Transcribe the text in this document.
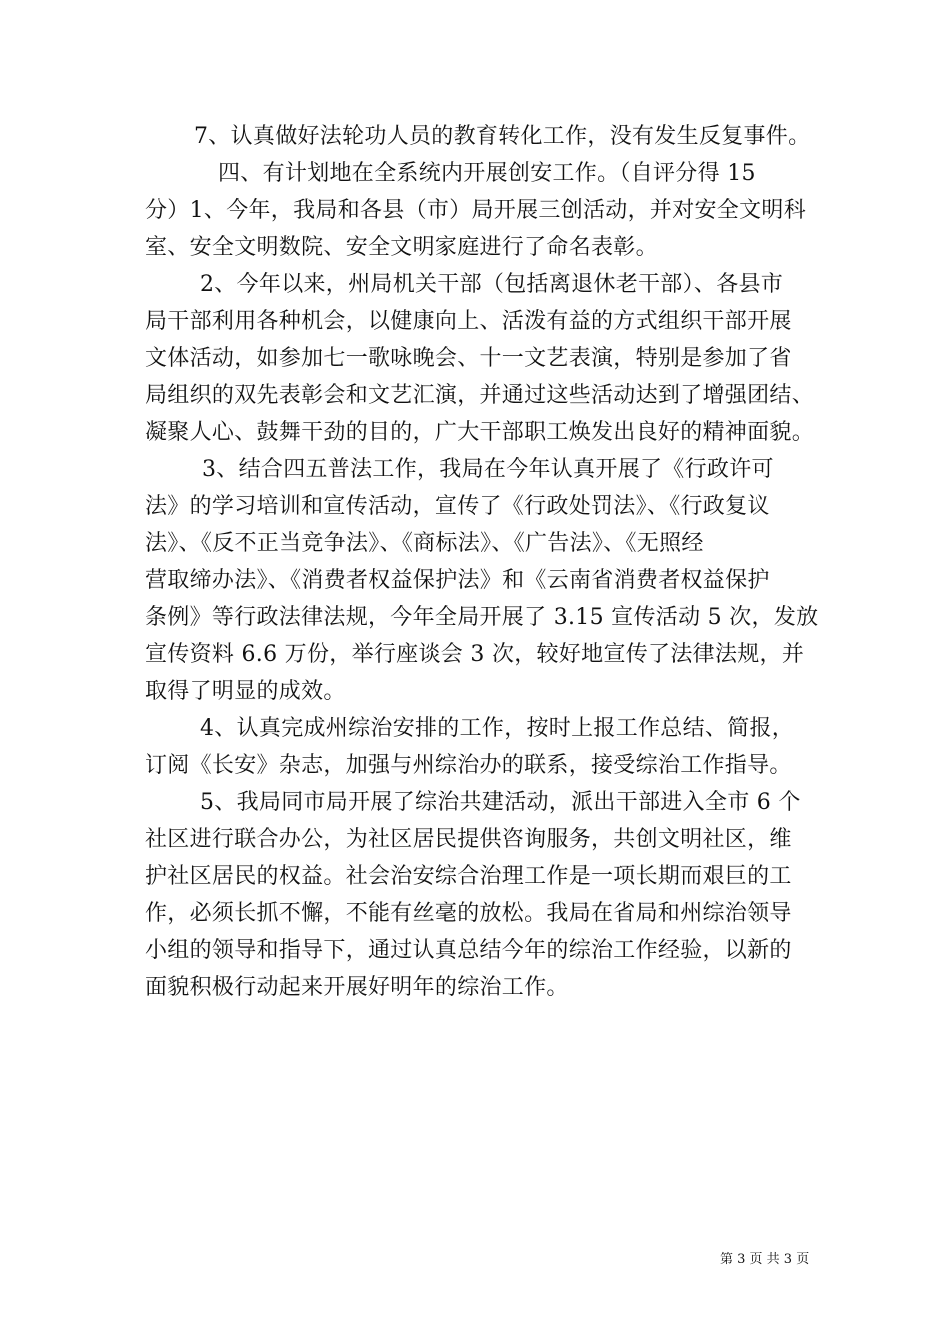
7、认真做好法轮功人员的教育转化工作，没有发生反复事件。
四、有计划地在全系统内开展创安工作。（自评分得 15
分）1、今年，我局和各县（市）局开展三创活动，并对安全文明科
室、安全文明数院、安全文明家庭进行了命名表彰。
2、今年以来，州局机关干部（包括离退休老干部）、各县市
局干部利用各种机会，以健康向上、活泼有益的方式组织干部开展
文体活动，如参加七一歌咏晚会、十一文艺表演，特别是参加了省
局组织的双先表彰会和文艺汇演，并通过这些活动达到了增强团结、
凝聚人心、鼓舞干劲的目的，广大干部职工焕发出良好的精神面貌。
3、结合四五普法工作，我局在今年认真开展了《行政许可
法》的学习培训和宣传活动，宣传了《行政处罚法》、《行政复议
法》、《反不正当竞争法》、《商标法》、《广告法》、《无照经
营取缔办法》、《消费者权益保护法》和《云南省消费者权益保护
条例》等行政法律法规，今年全局开展了 3.15 宣传活动 5 次，发放
宣传资料 6.6 万份，举行座谈会 3 次，较好地宣传了法律法规，并
取得了明显的成效。
4、认真完成州综治安排的工作，按时上报工作总结、简报，
订阅《长安》杂志，加强与州综治办的联系，接受综治工作指导。
5、我局同市局开展了综治共建活动，派出干部进入全市 6 个
社区进行联合办公，为社区居民提供咨询服务，共创文明社区，维
护社区居民的权益。社会治安综合治理工作是一项长期而艰巨的工
作，必须长抓不懈，不能有丝毫的放松。我局在省局和州综治领导
小组的领导和指导下，通过认真总结今年的综治工作经验，以新的
面貌积极行动起来开展好明年的综治工作。
第 3 页 共 3 页
